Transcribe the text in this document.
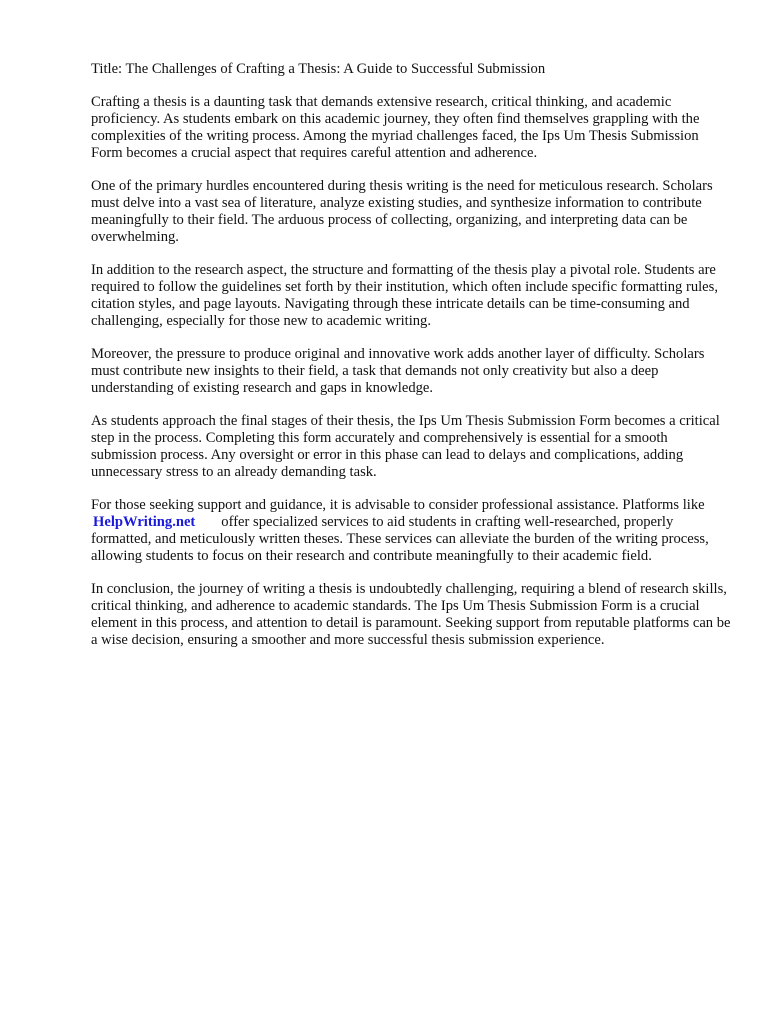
Title: The Challenges of Crafting a Thesis: A Guide to Successful Submission

Crafting a thesis is a daunting task that demands extensive research, critical thinking, and academic proficiency. As students embark on this academic journey, they often find themselves grappling with the complexities of the writing process. Among the myriad challenges faced, the Ips Um Thesis Submission Form becomes a crucial aspect that requires careful attention and adherence.

One of the primary hurdles encountered during thesis writing is the need for meticulous research. Scholars must delve into a vast sea of literature, analyze existing studies, and synthesize information to contribute meaningfully to their field. The arduous process of collecting, organizing, and interpreting data can be overwhelming.

In addition to the research aspect, the structure and formatting of the thesis play a pivotal role. Students are required to follow the guidelines set forth by their institution, which often include specific formatting rules, citation styles, and page layouts. Navigating through these intricate details can be time-consuming and challenging, especially for those new to academic writing.

Moreover, the pressure to produce original and innovative work adds another layer of difficulty. Scholars must contribute new insights to their field, a task that demands not only creativity but also a deep understanding of existing research and gaps in knowledge.

As students approach the final stages of their thesis, the Ips Um Thesis Submission Form becomes a critical step in the process. Completing this form accurately and comprehensively is essential for a smooth submission process. Any oversight or error in this phase can lead to delays and complications, adding unnecessary stress to an already demanding task.

For those seeking support and guidance, it is advisable to consider professional assistance. Platforms likeHelpWriting.net offer specialized services to aid students in crafting well-researched, properly formatted, and meticulously written theses. These services can alleviate the burden of the writing process, allowing students to focus on their research and contribute meaningfully to their academic field.

In conclusion, the journey of writing a thesis is undoubtedly challenging, requiring a blend of research skills, critical thinking, and adherence to academic standards. The Ips Um Thesis Submission Form is a crucial element in this process, and attention to detail is paramount. Seeking support from reputable platforms can be a wise decision, ensuring a smoother and more successful thesis submission experience.
